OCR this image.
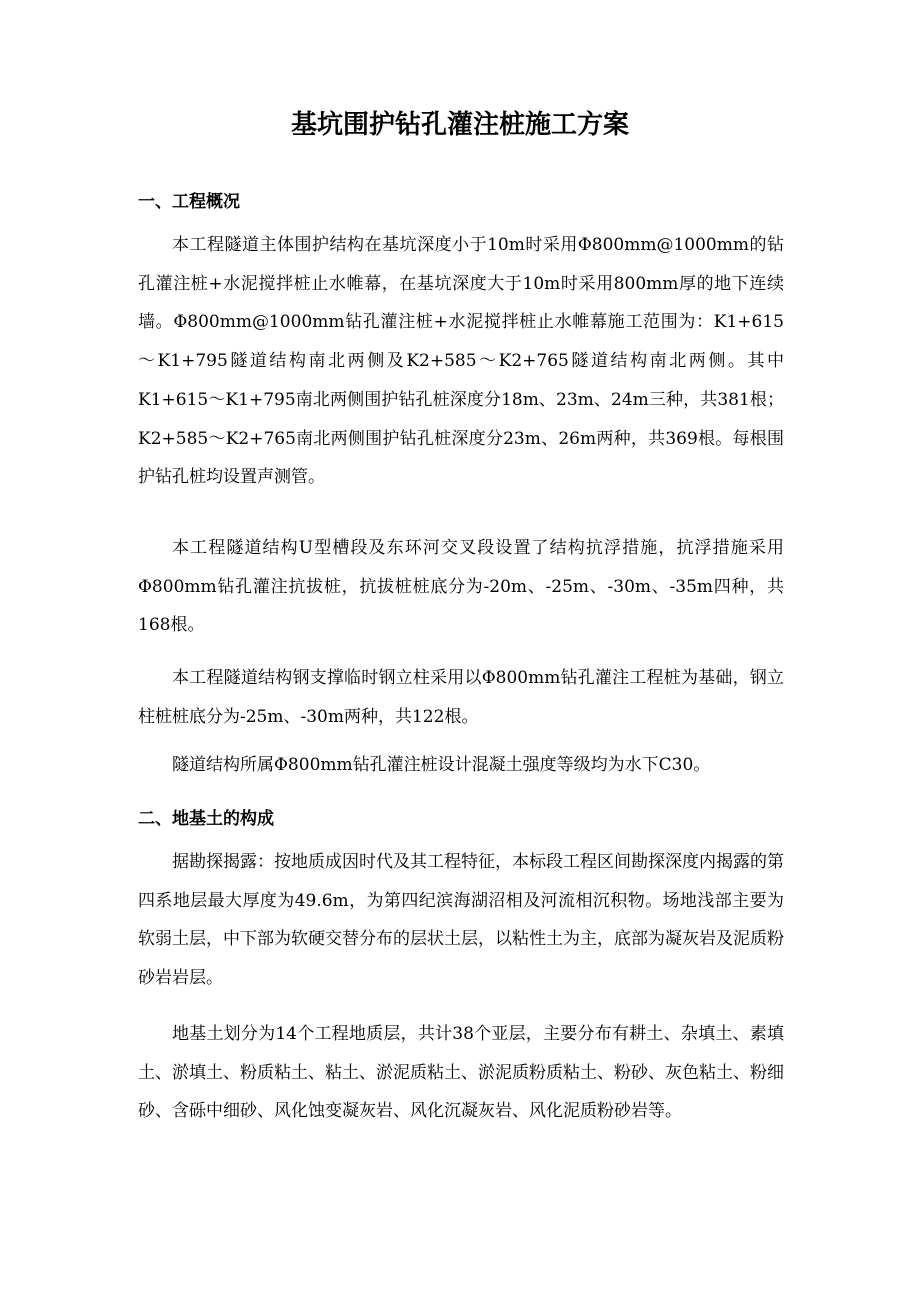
基坑围护钻孔灌注桩施工方案
一、工程概况
本工程隧道主体围护结构在基坑深度小于10m时采用Φ800mm@1000mm的钻孔灌注桩+水泥搅拌桩止水帷幕，在基坑深度大于10m时采用800mm厚的地下连续墙。Φ800mm@1000mm钻孔灌注桩+水泥搅拌桩止水帷幕施工范围为：K1+615～K1+795隧道结构南北两侧及K2+585～K2+765隧道结构南北两侧。其中K1+615～K1+795南北两侧围护钻孔桩深度分18m、23m、24m三种，共381根；K2+585～K2+765南北两侧围护钻孔桩深度分23m、26m两种，共369根。每根围护钻孔桩均设置声测管。
本工程隧道结构U型槽段及东环河交叉段设置了结构抗浮措施，抗浮措施采用Φ800mm钻孔灌注抗拔桩，抗拔桩桩底分为-20m、-25m、-30m、-35m四种，共168根。
本工程隧道结构钢支撑临时钢立柱采用以Φ800mm钻孔灌注工程桩为基础，钢立柱桩桩底分为-25m、-30m两种，共122根。
隧道结构所属Φ800mm钻孔灌注桩设计混凝土强度等级均为水下C30。
二、地基土的构成
据勘探揭露：按地质成因时代及其工程特征，本标段工程区间勘探深度内揭露的第四系地层最大厚度为49.6m，为第四纪滨海湖沼相及河流相沉积物。场地浅部主要为软弱土层，中下部为软硬交替分布的层状土层，以粘性土为主，底部为凝灰岩及泥质粉砂岩岩层。
地基土划分为14个工程地质层，共计38个亚层，主要分布有耕土、杂填土、素填土、淤填土、粉质粘土、粘土、淤泥质粘土、淤泥质粉质粘土、粉砂、灰色粘土、粉细砂、含砾中细砂、风化蚀变凝灰岩、风化沉凝灰岩、风化泥质粉砂岩等。
